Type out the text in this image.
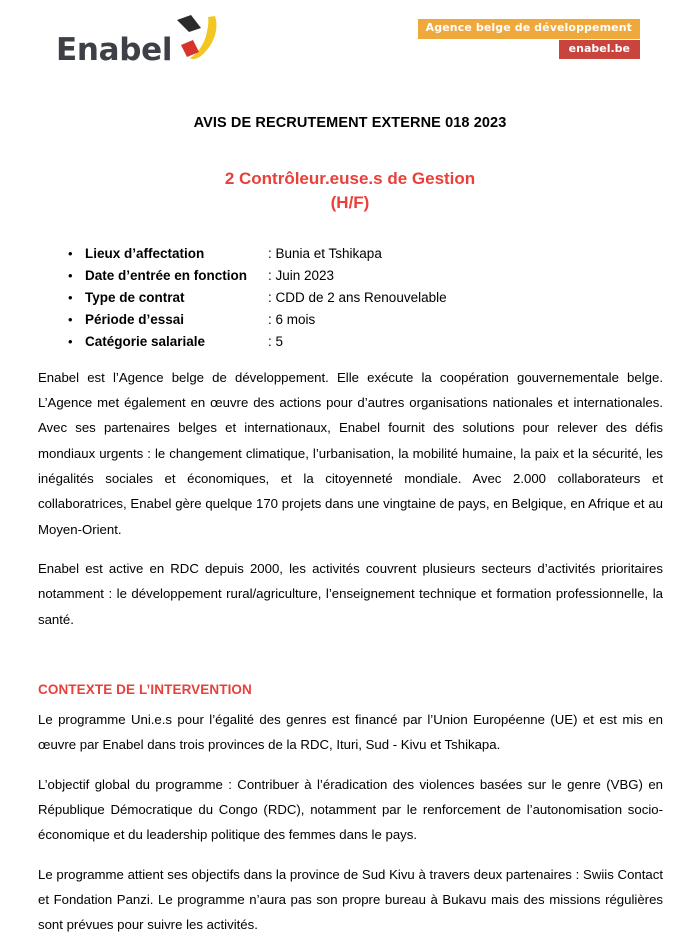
Enabel
Agence belge de développement
enabel.be
AVIS DE RECRUTEMENT EXTERNE 018 2023
2 Contrôleur.euse.s de Gestion
(H/F)
• Lieux d’affectation	: Bunia et Tshikapa
• Date d’entrée en fonction	: Juin 2023
• Type de contrat	: CDD de 2 ans Renouvelable
• Période d’essai	: 6 mois
• Catégorie salariale	: 5

Enabel est l’Agence belge de développement. Elle exécute la coopération gouvernementale belge. L’Agence met également en œuvre des actions pour d’autres organisations nationales et internationales. Avec ses partenaires belges et internationaux, Enabel fournit des solutions pour relever des défis mondiaux urgents : le changement climatique, l’urbanisation, la mobilité humaine, la paix et la sécurité, les inégalités sociales et économiques, et la citoyenneté mondiale. Avec 2.000 collaborateurs et collaboratrices, Enabel gère quelque 170 projets dans une vingtaine de pays, en Belgique, en Afrique et au Moyen-Orient.

Enabel est active en RDC depuis 2000, les activités couvrent plusieurs secteurs d’activités prioritaires notamment : le développement rural/agriculture, l’enseignement technique et formation professionnelle, la santé.

CONTEXTE DE L’INTERVENTION

Le programme Uni.e.s pour l’égalité des genres est financé par l’Union Européenne (UE) et est mis en œuvre par Enabel dans trois provinces de la RDC, Ituri, Sud - Kivu et Tshikapa.

L’objectif global du programme : Contribuer à l’éradication des violences basées sur le genre (VBG) en République Démocratique du Congo (RDC), notamment par le renforcement de l’autonomisation socio-économique et du leadership politique des femmes dans le pays.

Le programme attient ses objectifs dans la province de Sud Kivu à travers deux partenaires : Swiis Contact et Fondation Panzi. Le programme n’aura pas son propre bureau à Bukavu mais des missions régulières sont prévues pour suivre les activités.
